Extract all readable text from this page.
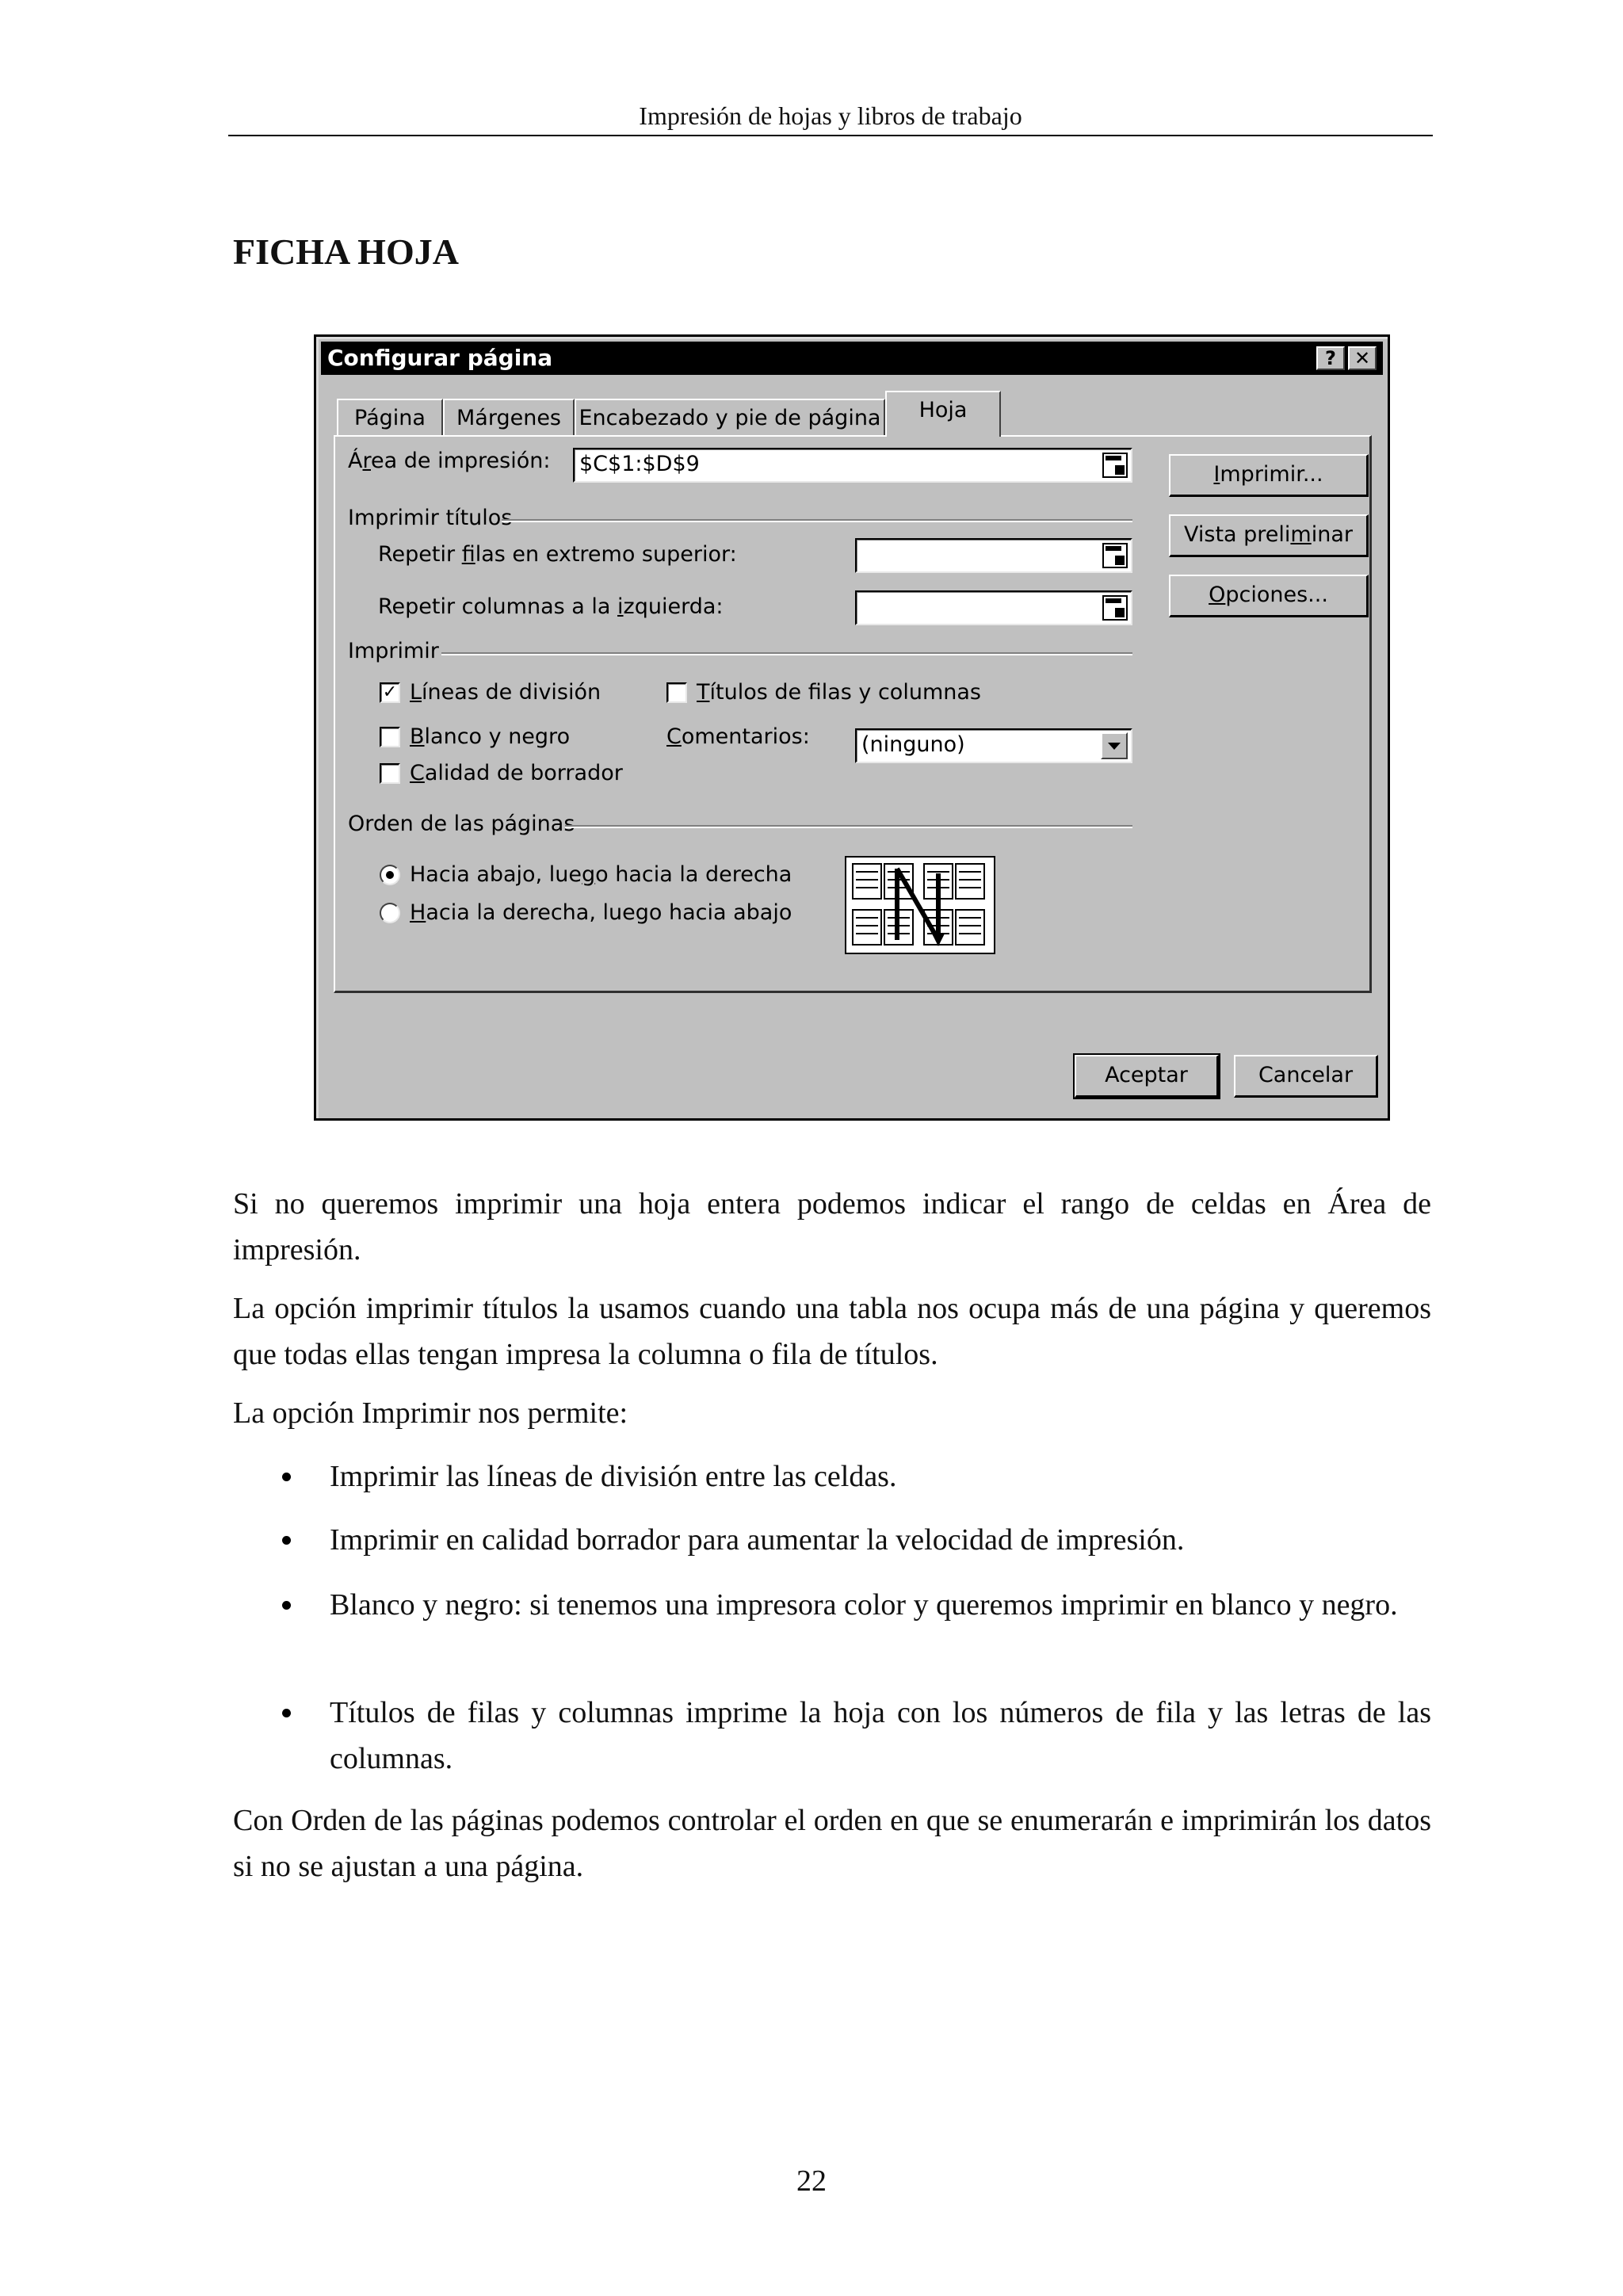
Impresión de hojas y libros de trabajo
FICHA HOJA
Configurar página	? ✕
Página	Márgenes Encabezado y pie de página	Hoja
Área de impresión: $C$1:$D$9
Imprimir títulos
Repetir filas en extremo superior:
Repetir columnas a la izquierda:
Imprimir
✓ Líneas de división	Títulos de filas y columnas
Blanco y negro	Comentarios: (ninguno)
Calidad de borrador
Orden de las páginas
Hacia abajo, luego hacia la derecha
Hacia la derecha, luego hacia abajo
Imprimir...
Vista preliminar
Opciones...
Aceptar	Cancelar

Si no queremos imprimir una hoja entera podemos indicar el rango de celdas en Área de impresión.

La opción imprimir títulos la usamos cuando una tabla nos ocupa más de una página y queremos que todas ellas tengan impresa la columna o fila de títulos.

La opción Imprimir nos permite:

Imprimir las líneas de división entre las celdas.
Imprimir en calidad borrador para aumentar la velocidad de impresión.
Blanco y negro: si tenemos una impresora color y queremos imprimir en blanco y negro.
Títulos de filas y columnas imprime la hoja con los números de fila y las letras de las columnas.

Con Orden de las páginas podemos controlar el orden en que se enumerarán e imprimirán los datos si no se ajustan a una página.

22
